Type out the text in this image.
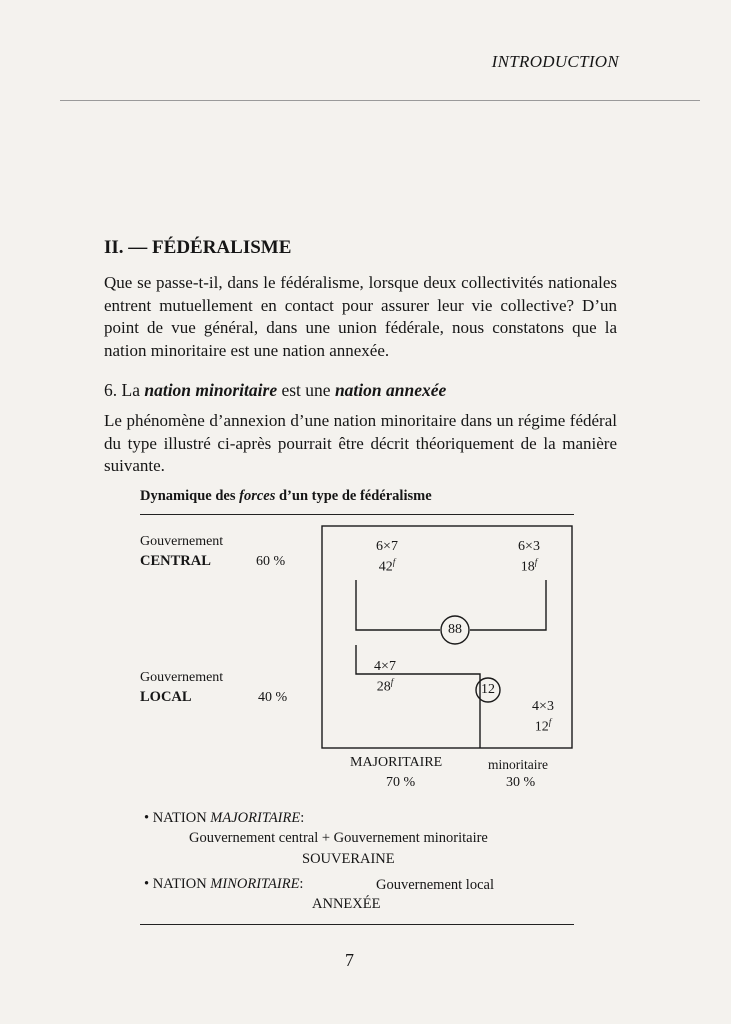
INTRODUCTION
II. — FÉDÉRALISME
Que se passe-t-il, dans le fédéralisme, lorsque deux collectivités nationales entrent mutuellement en contact pour assurer leur vie collective? D’un point de vue général, dans une union fédérale, nous constatons que la nation minoritaire est une nation annexée.
6. La nation minoritaire est une nation annexée
Le phénomène d’annexion d’une nation minoritaire dans un régime fédéral du type illustré ci-après pourrait être décrit théoriquement de la manière suivante.
Dynamique des forces d’un type de fédéralisme
Gouvernement
CENTRAL	60 %
Gouvernement
LOCAL	40 %
6×7
42$^f$
6×3
18$^f$
88
4×7
28$^f$	12
4×3
12$^f$
MAJORITAIRE
70 %
minoritaire
30 %
• NATION MAJORITAIRE:
Gouvernement central + Gouvernement minoritaire
SOUVERAINE
• NATION MINORITAIRE:	Gouvernement local
ANNEXÉE
7
